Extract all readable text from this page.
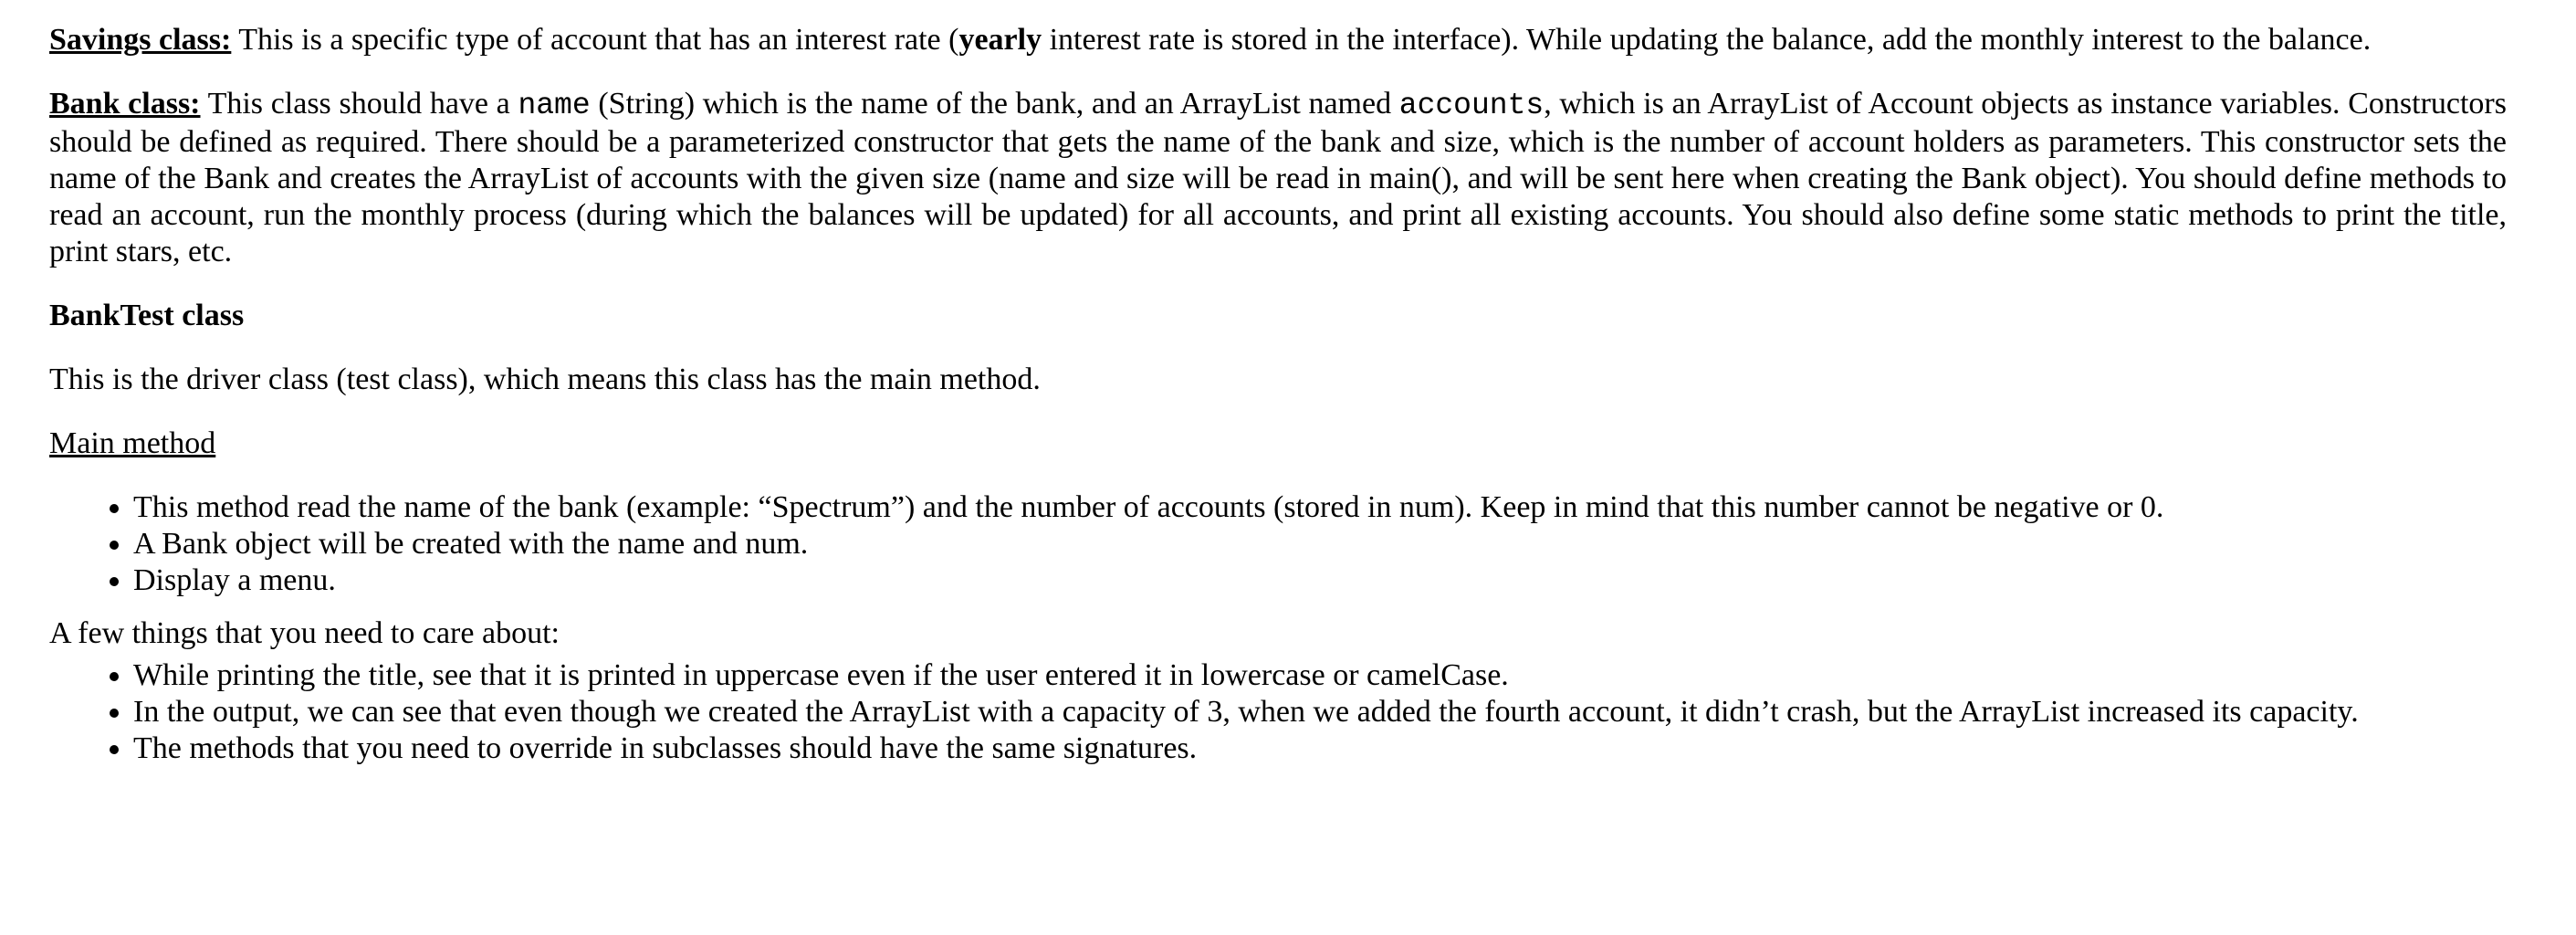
Savings class: This is a specific type of account that has an interest rate (yearly interest rate is stored in the interface). While updating the balance, add the monthly interest to the balance.

Bank class: This class should have a name (String) which is the name of the bank, and an ArrayList named accounts, which is an ArrayList of Account objects as instance variables. Constructors should be defined as required. There should be a parameterized constructor that gets the name of the bank and size, which is the number of account holders as parameters. This constructor sets the name of the Bank and creates the ArrayList of accounts with the given size (name and size will be read in main(), and will be sent here when creating the Bank object). You should define methods to read an account, run the monthly process (during which the balances will be updated) for all accounts, and print all existing accounts. You should also define some static methods to print the title, print stars, etc.

BankTest class

This is the driver class (test class), which means this class has the main method.

Main method

• This method read the name of the bank (example: “Spectrum”) and the number of accounts (stored in num). Keep in mind that this number cannot be negative or 0.
• A Bank object will be created with the name and num.
• Display a menu.

A few things that you need to care about:

• While printing the title, see that it is printed in uppercase even if the user entered it in lowercase or camelCase.
• In the output, we can see that even though we created the ArrayList with a capacity of 3, when we added the fourth account, it didn’t crash, but the ArrayList increased its capacity.
• The methods that you need to override in subclasses should have the same signatures.
